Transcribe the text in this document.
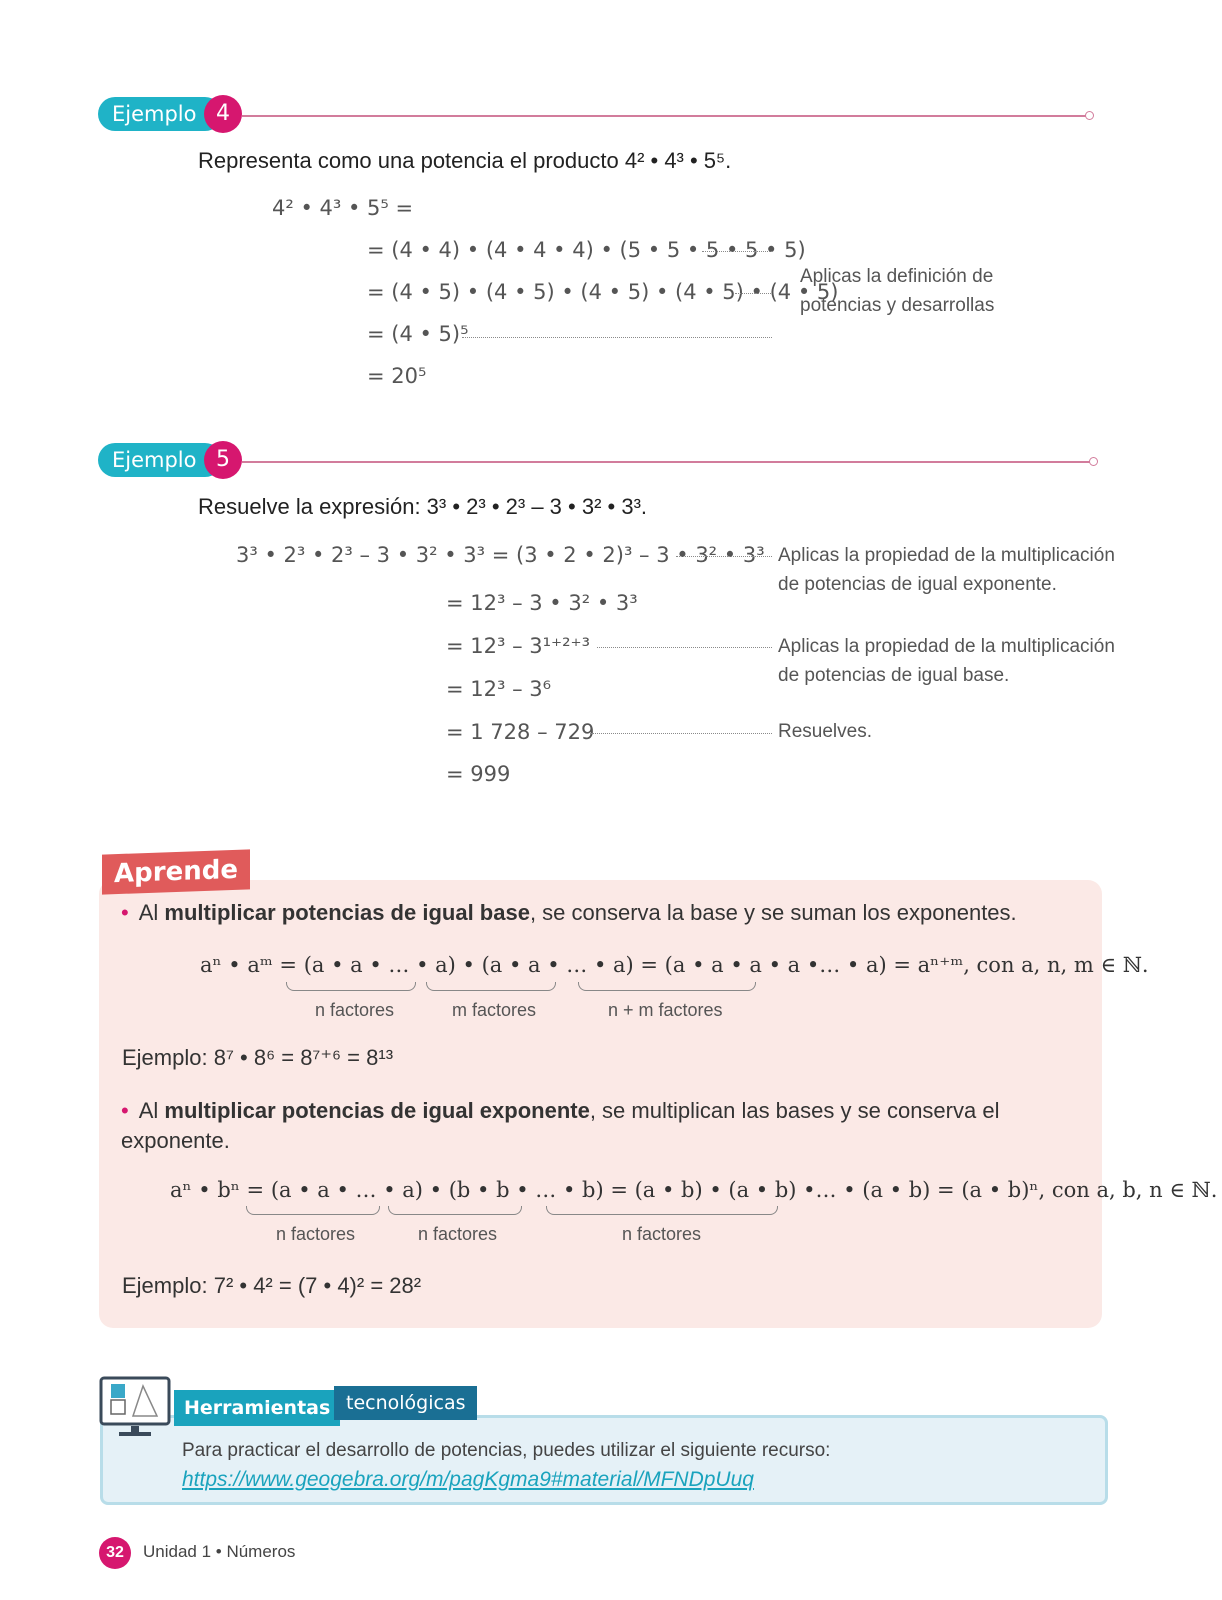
Ejemplo 4
Representa como una potencia el producto 4² • 4³ • 5⁵.
4² • 4³ • 5⁵ =
= (4 • 4) • (4 • 4 • 4) • (5 • 5 • 5 • 5 • 5)
= (4 • 5) • (4 • 5) • (4 • 5) • (4 • 5) • (4 • 5)
= (4 • 5)⁵
= 20⁵
Aplicas la definición de potencias y desarrollas
Ejemplo 5
Resuelve la expresión: 3³ • 2³ • 2³ – 3 • 3² • 3³.
3³ • 2³ • 2³ – 3 • 3² • 3³ = (3 • 2 • 2)³ – 3 • 3² • 3³
= 12³ – 3 • 3² • 3³
= 12³ – 3¹⁺²⁺³
= 12³ – 3⁶
= 1 728 – 729
= 999
Aplicas la propiedad de la multiplicación de potencias de igual exponente.
Aplicas la propiedad de la multiplicación de potencias de igual base.
Resuelves.
Aprende
• Al multiplicar potencias de igual base, se conserva la base y se suman los exponentes.
aⁿ • aᵐ = (a • a • … • a) • (a • a • … • a) = (a • a • a • a •… • a) = aⁿ⁺ᵐ, con a, n, m ∈ ℕ.
n factores	m factores	n + m factores
Ejemplo: 8⁷ • 8⁶ = 8⁷⁺⁶ = 8¹³
• Al multiplicar potencias de igual exponente, se multiplican las bases y se conserva el exponente.
aⁿ • bⁿ = (a • a • … • a) • (b • b • … • b) = (a • b) • (a • b) •… • (a • b) = (a • b)ⁿ, con a, b, n ∈ ℕ.
n factores	n factores	n factores
Ejemplo: 7² • 4² = (7 • 4)² = 28²
Herramientas tecnológicas
Para practicar el desarrollo de potencias, puedes utilizar el siguiente recurso:
https://www.geogebra.org/m/pagKgma9#material/MFNDpUuq
32	Unidad 1 • Números
